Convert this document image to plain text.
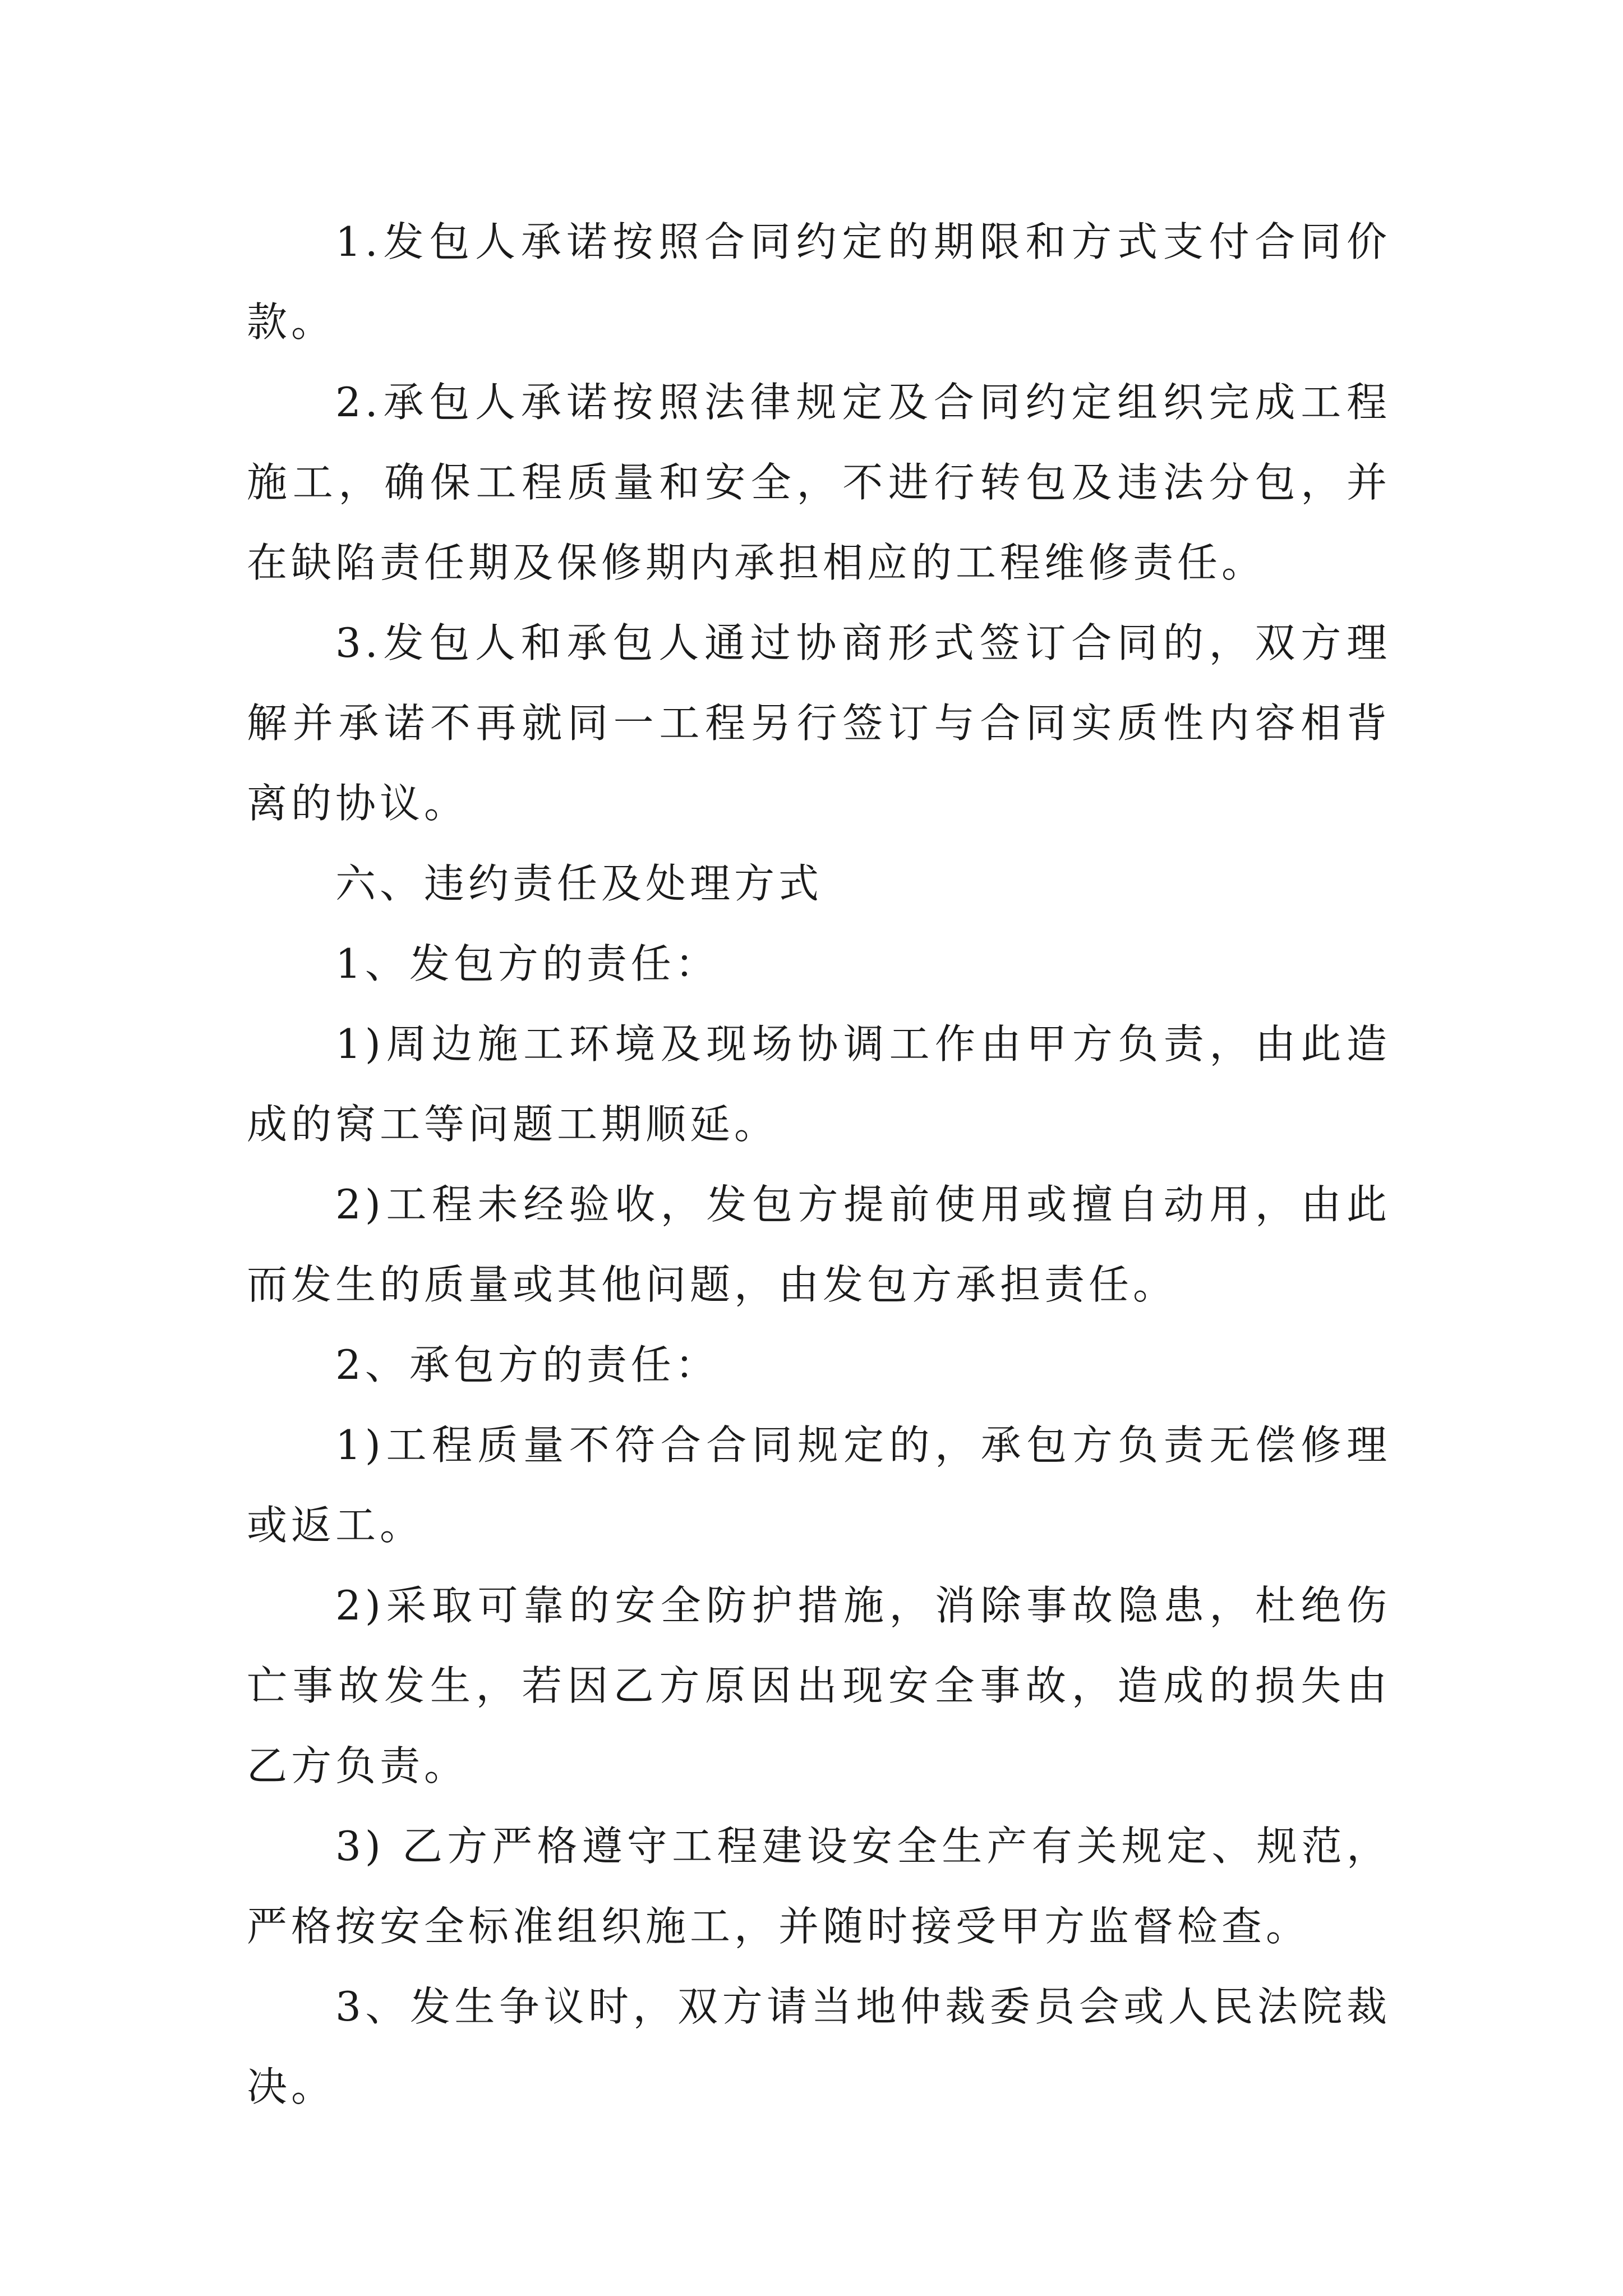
1.发包人承诺按照合同约定的期限和方式支付合同价款。

2.承包人承诺按照法律规定及合同约定组织完成工程施工，确保工程质量和安全，不进行转包及违法分包，并在缺陷责任期及保修期内承担相应的工程维修责任。

3.发包人和承包人通过协商形式签订合同的，双方理解并承诺不再就同一工程另行签订与合同实质性内容相背离的协议。

六、违约责任及处理方式

1、发包方的责任：

1)周边施工环境及现场协调工作由甲方负责，由此造成的窝工等问题工期顺延。

2)工程未经验收，发包方提前使用或擅自动用，由此而发生的质量或其他问题，由发包方承担责任。

2、承包方的责任：

1)工程质量不符合合同规定的，承包方负责无偿修理或返工。

2)采取可靠的安全防护措施，消除事故隐患，杜绝伤亡事故发生，若因乙方原因出现安全事故，造成的损失由乙方负责。

3) 乙方严格遵守工程建设安全生产有关规定、规范，严格按安全标准组织施工，并随时接受甲方监督检查。

3、发生争议时，双方请当地仲裁委员会或人民法院裁决。
